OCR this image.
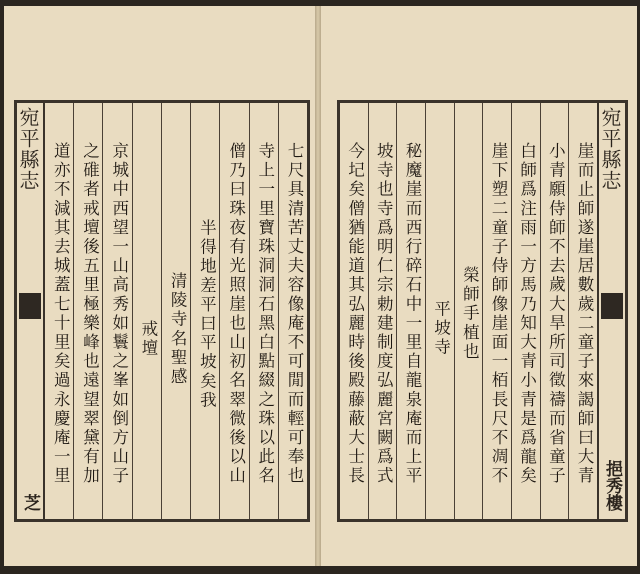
宛平縣志
芝
七尺具清苦丈夫容像庵不可閒而輕可奉也
寺上一里寶珠洞洞石黑白點綴之珠以此名
僧乃曰珠夜有光照崖也山初名翠微後以山
半得地差平曰平坡矣我
清陵寺名聖感
戒壇
京城中西望一山高秀如鬟之峯如倒方山子
之碓者戒壇後五里極樂峰也遠望翠黛有加
道亦不減其去城蓋七十里矣過永慶庵一里	宛平縣志
挹秀樓
崖而止師遂崖居數歲二童子來謁師曰大青
小青願侍師不去歲大旱所司徵禱而省童子
白師爲注雨一方馬乃知大青小青是爲龍矣
崖下塑二童子侍師像崖面一栢長尺不凋不
榮師手植也
平坡寺
秘魔崖而西行碎石中一里自龍泉庵而上平
坡寺也寺爲明仁宗勅建制度弘麗宮闕爲式
今圮矣僧猶能道其弘麗時後殿藤蔽大士長
